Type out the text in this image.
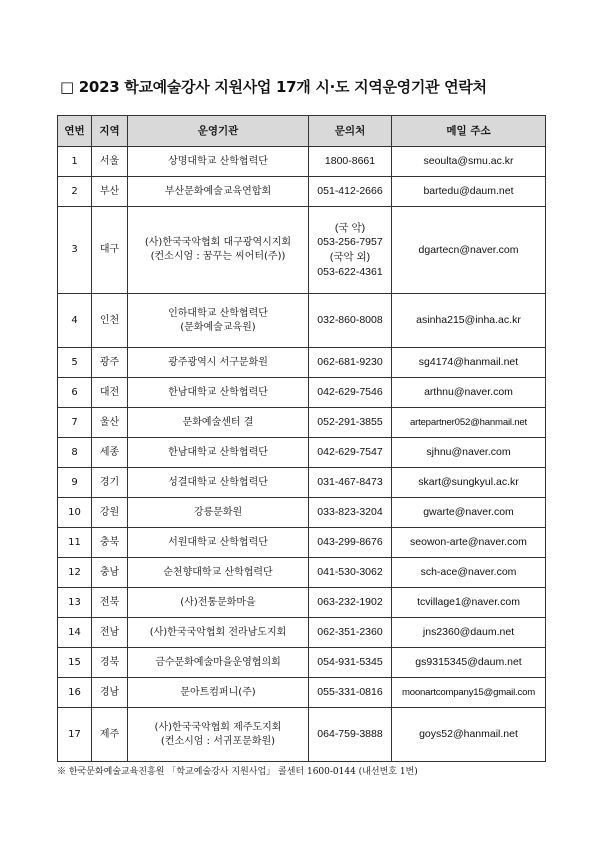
□ 2023 학교예술강사 지원사업 17개 시·도 지역운영기관 연락처
연번	지역	운영기관	문의처	메일 주소
1	서울	상명대학교 산학협력단	1800-8661	seoulta@smu.ac.kr
2	부산	부산문화예술교육연합회	051-412-2666	bartedu@daum.net
3	대구	(사)한국국악협회 대구광역시지회
(컨소시엄 : 꿈꾸는 씨어터(주))	(국 악)
053-256-7957
(국악 외)
053-622-4361	dgartecn@naver.com
4	인천	인하대학교 산학협력단
(문화예술교육원)	032-860-8008	asinha215@inha.ac.kr
5	광주	광주광역시 서구문화원	062-681-9230	sg4174@hanmail.net
6	대전	한남대학교 산학협력단	042-629-7546	arthnu@naver.com
7	울산	문화예술센터 결	052-291-3855	artepartner052@hanmail.net
8	세종	한남대학교 산학협력단	042-629-7547	sjhnu@naver.com
9	경기	성결대학교 산학협력단	031-467-8473	skart@sungkyul.ac.kr
10	강원	강릉문화원	033-823-3204	gwarte@naver.com
11	충북	서원대학교 산학협력단	043-299-8676	seowon-arte@naver.com
12	충남	순천향대학교 산학협력단	041-530-3062	sch-ace@naver.com
13	전북	(사)전통문화마을	063-232-1902	tcvillage1@naver.com
14	전남	(사)한국국악협회 전라남도지회	062-351-2360	jns2360@daum.net
15	경북	금수문화예술마을운영협의회	054-931-5345	gs9315345@daum.net
16	경남	문아트컴퍼니(주)	055-331-0816	moonartcompany15@gmail.com
17	제주	(사)한국국악협회 제주도지회
(컨소시엄 : 서귀포문화원)	064-759-3888	goys52@hanmail.net
※ 한국문화예술교육진흥원 「학교예술강사 지원사업」 콜센터 1600-0144 (내선번호 1번)
